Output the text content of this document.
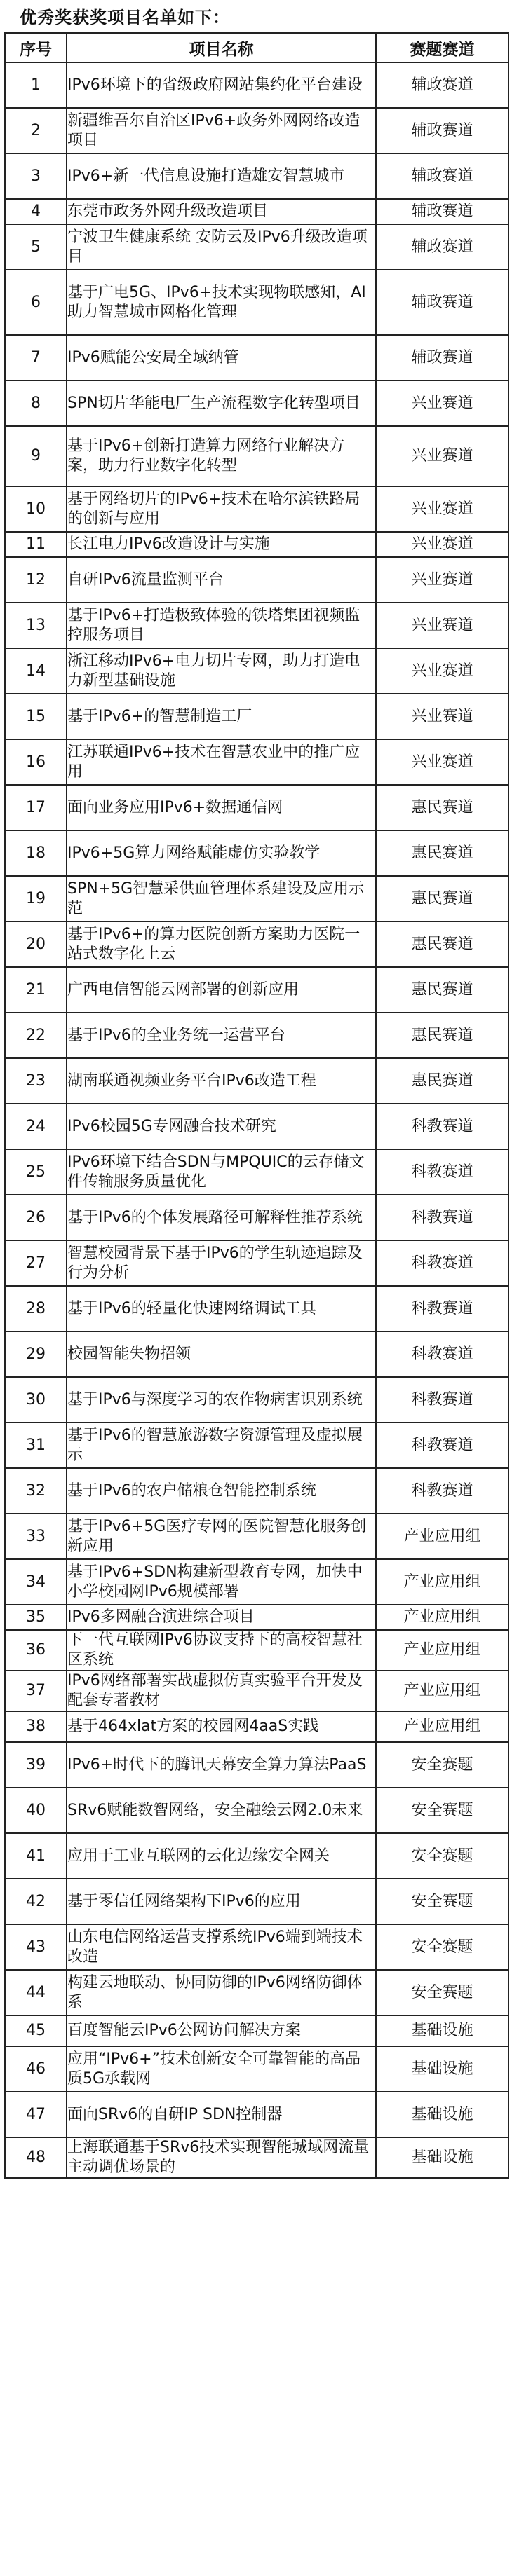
优秀奖获奖项目名单如下：
序号	项目名称	赛题赛道
1	IPv6环境下的省级政府网站集约化平台建设	辅政赛道
2	新疆维吾尔自治区IPv6+政务外网网络改造项目	辅政赛道
3	IPv6+新一代信息设施打造雄安智慧城市	辅政赛道
4	东莞市政务外网升级改造项目	辅政赛道
5	宁波卫生健康系统 安防云及IPv6升级改造项目	辅政赛道
6	基于广电5G、IPv6+技术实现物联感知，AI助力智慧城市网格化管理	辅政赛道
7	IPv6赋能公安局全域纳管	辅政赛道
8	SPN切片华能电厂生产流程数字化转型项目	兴业赛道
9	基于IPv6+创新打造算力网络行业解决方案，助力行业数字化转型	兴业赛道
10	基于网络切片的IPv6+技术在哈尔滨铁路局的创新与应用	兴业赛道
11	长江电力IPv6改造设计与实施	兴业赛道
12	自研IPv6流量监测平台	兴业赛道
13	基于IPv6+打造极致体验的铁塔集团视频监控服务项目	兴业赛道
14	浙江移动IPv6+电力切片专网，助力打造电力新型基础设施	兴业赛道
15	基于IPv6+的智慧制造工厂	兴业赛道
16	江苏联通IPv6+技术在智慧农业中的推广应用	兴业赛道
17	面向业务应用IPv6+数据通信网	惠民赛道
18	IPv6+5G算力网络赋能虚仿实验教学	惠民赛道
19	SPN+5G智慧采供血管理体系建设及应用示范	惠民赛道
20	基于IPv6+的算力医院创新方案助力医院一站式数字化上云	惠民赛道
21	广西电信智能云网部署的创新应用	惠民赛道
22	基于IPv6的全业务统一运营平台	惠民赛道
23	湖南联通视频业务平台IPv6改造工程	惠民赛道
24	IPv6校园5G专网融合技术研究	科教赛道
25	IPv6环境下结合SDN与MPQUIC的云存储文件传输服务质量优化	科教赛道
26	基于IPv6的个体发展路径可解释性推荐系统	科教赛道
27	智慧校园背景下基于IPv6的学生轨迹追踪及行为分析	科教赛道
28	基于IPv6的轻量化快速网络调试工具	科教赛道
29	校园智能失物招领	科教赛道
30	基于IPv6与深度学习的农作物病害识别系统	科教赛道
31	基于IPv6的智慧旅游数字资源管理及虚拟展示	科教赛道
32	基于IPv6的农户储粮仓智能控制系统	科教赛道
33	基于IPv6+5G医疗专网的医院智慧化服务创新应用	产业应用组
34	基于IPv6+SDN构建新型教育专网，加快中小学校园网IPv6规模部署	产业应用组
35	IPv6多网融合演进综合项目	产业应用组
36	下一代互联网IPv6协议支持下的高校智慧社区系统	产业应用组
37	IPv6网络部署实战虚拟仿真实验平台开发及配套专著教材	产业应用组
38	基于464xlat方案的校园网4aaS实践	产业应用组
39	IPv6+时代下的腾讯天幕安全算力算法PaaS	安全赛题
40	SRv6赋能数智网络，安全融绘云网2.0未来	安全赛题
41	应用于工业互联网的云化边缘安全网关	安全赛题
42	基于零信任网络架构下IPv6的应用	安全赛题
43	山东电信网络运营支撑系统IPv6端到端技术改造	安全赛题
44	构建云地联动、协同防御的IPv6网络防御体系	安全赛题
45	百度智能云IPv6公网访问解决方案	基础设施
46	应用“IPv6+”技术创新安全可靠智能的高品质5G承载网	基础设施
47	面向SRv6的自研IP SDN控制器	基础设施
48	上海联通基于SRv6技术实现智能城域网流量主动调优场景的	基础设施
